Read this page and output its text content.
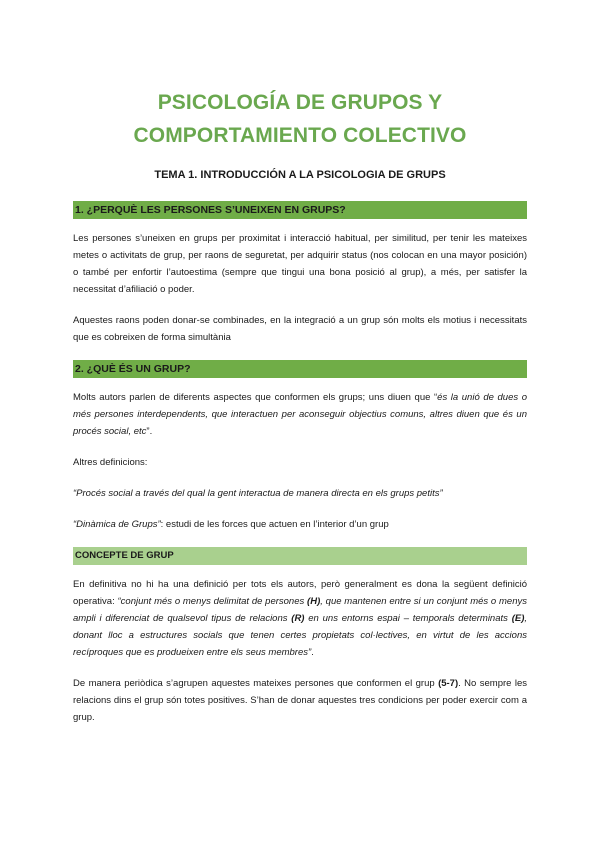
PSICOLOGÍA DE GRUPOS Y
COMPORTAMIENTO COLECTIVO
TEMA 1. INTRODUCCIÓN A LA PSICOLOGIA DE GRUPS
1. ¿PERQUÈ LES PERSONES S’UNEIXEN EN GRUPS?

Les persones s’uneixen en grups per proximitat i interacció habitual, per similitud, per tenir les mateixes metes o activitats de grup, per raons de seguretat, per adquirir status (nos colocan en una mayor posición) o també per enfortir l’autoestima (sempre que tingui una bona posició al grup), a més, per satisfer la necessitat d’afiliació o poder.

Aquestes raons poden donar-se combinades, en la integració a un grup són molts els motius i necessitats que es cobreixen de forma simultània

2. ¿QUÈ ÉS UN GRUP?

Molts autors parlen de diferents aspectes que conformen els grups; uns diuen que “és la unió de dues o més persones interdependents, que interactuen per aconseguir objectius comuns, altres diuen que és un procés social, etc”.

Altres definicions:

“Procés social a través del qual la gent interactua de manera directa en els grups petits”

“Dinàmica de Grups”: estudi de les forces que actuen en l’interior d’un grup

CONCEPTE DE GRUP

En definitiva no hi ha una definició per tots els autors, però generalment es dona la següent definició operativa: “conjunt més o menys delimitat de persones (H), que mantenen entre si un conjunt més o menys ampli i diferenciat de qualsevol tipus de relacions (R) en uns entorns espai – temporals determinats (E), donant lloc a estructures socials que tenen certes propietats col·lectives, en virtut de les accions recíproques que es produeixen entre els seus membres”.

De manera periòdica s’agrupen aquestes mateixes persones que conformen el grup (5-7). No sempre les relacions dins el grup són totes positives. S’han de donar aquestes tres condicions per poder exercir com a grup.
